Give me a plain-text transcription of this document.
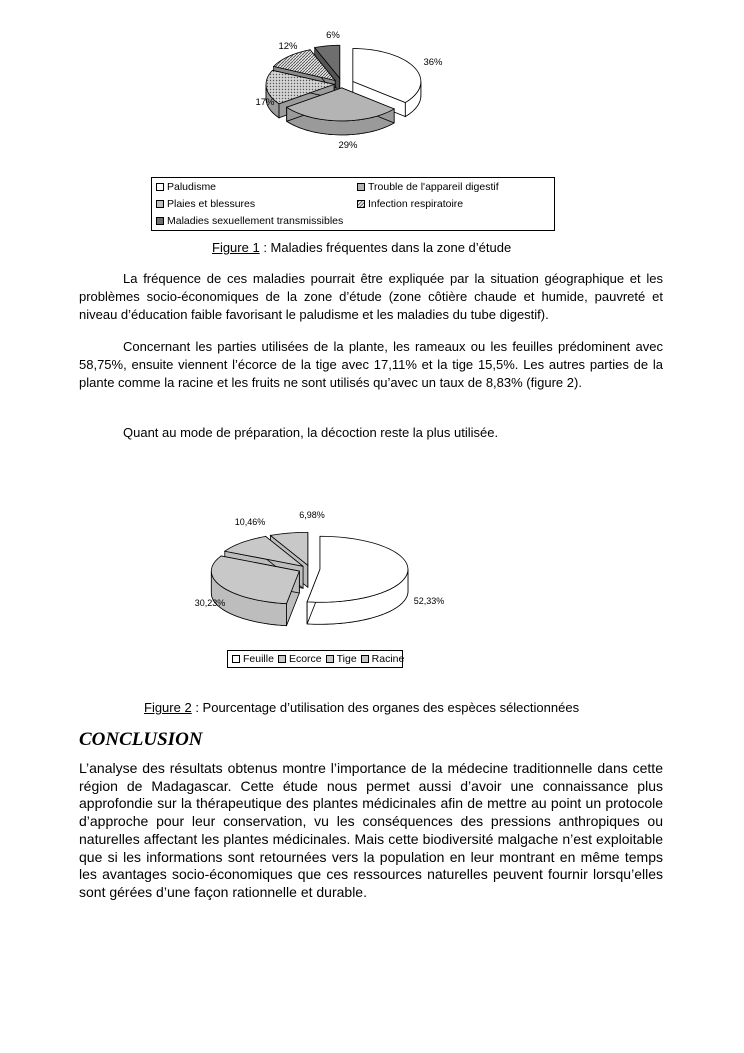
36%
29%
17%
12%
6%
Paludisme	Trouble de l'appareil digestif
Plaies et blessures	Infection respiratoire
Maladies sexuellement transmissibles
Figure 1 : Maladies fréquentes dans la zone d’étude

La fréquence de ces maladies pourrait être expliquée par la situation géographique et les problèmes socio-économiques de la zone d’étude (zone côtière chaude et humide, pauvreté et niveau d’éducation faible favorisant le paludisme et les maladies du tube digestif).

Concernant les parties utilisées de la plante, les rameaux ou les feuilles prédominent avec 58,75%, ensuite viennent l’écorce de la tige avec 17,11% et la tige 15,5%. Les autres parties de la plante comme la racine et les fruits ne sont utilisés qu’avec un taux de 8,83% (figure 2).

Quant au mode de préparation, la décoction reste la plus utilisée.

52,33%
30,23%
10,46%
6,98%
Feuille Ecorce Tige Racine
Figure 2 : Pourcentage d’utilisation des organes des espèces sélectionnées
CONCLUSION

L’analyse des résultats obtenus montre l’importance de la médecine traditionnelle dans cette région de Madagascar. Cette étude nous permet aussi d’avoir une connaissance plus approfondie sur la thérapeutique des plantes médicinales afin de mettre au point un protocole d’approche pour leur conservation, vu les conséquences des pressions anthropiques ou naturelles affectant les plantes médicinales. Mais cette biodiversité malgache n’est exploitable que si les informations sont retournées vers la population en leur montrant en même temps les avantages socio-économiques que ces ressources naturelles peuvent fournir lorsqu’elles sont gérées d’une façon rationnelle et durable.
